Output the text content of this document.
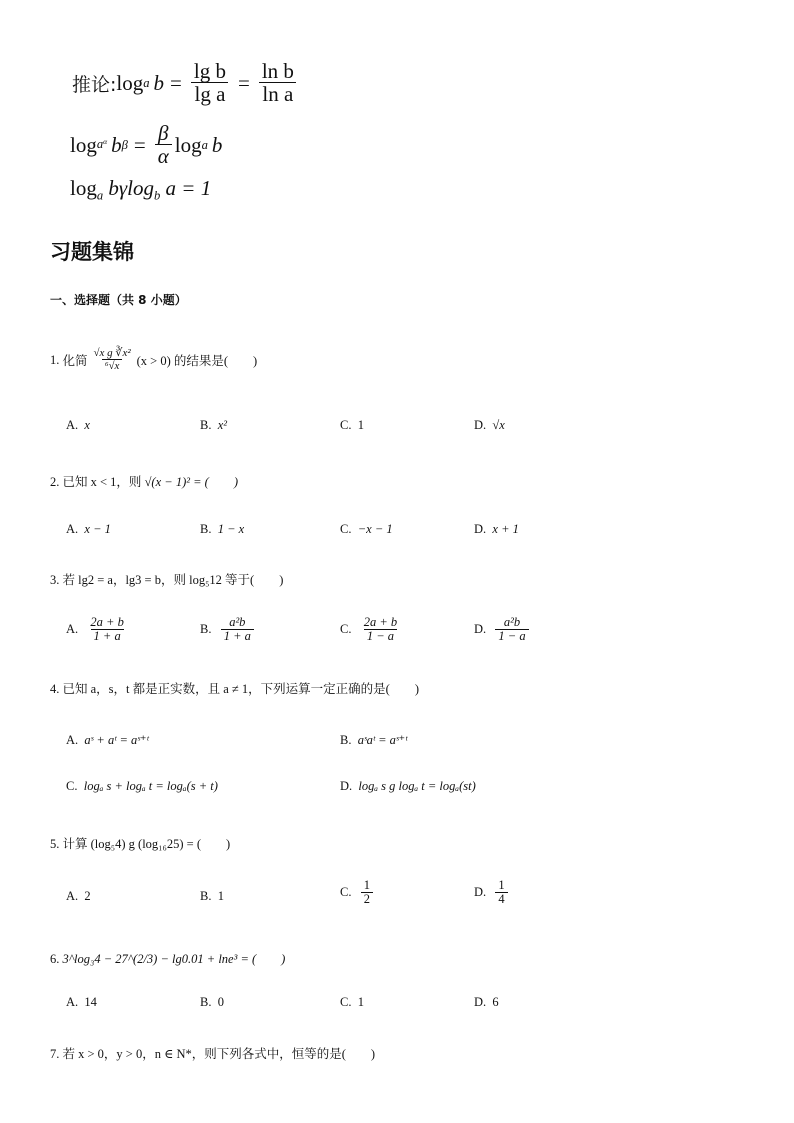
推论: log a $b = \frac{\text{lg b}}{\text{lg a}} = \frac{\text{ln b}}{\text{ln a}}$
$\log a^\alpha$ b $\beta = \frac{\beta}{\alpha}$ log a b
$\log_a b\gamma\log_b$ a = 1
习题集锦
一、选择题（共 8 小题）
1.
化简 $\frac{\text{√x g ∛x²}}{\text{⁶√x}} (x > 0)$ 的结果是(　　)
A. x	B. x²	C. 1	D. √x
2. 已知 x < 1，则 √(x − 1)² = (　　)
A. x − 1	B. 1 − x	C. −x − 1	D. x + 1
3. 若 lg2 = a，lg3 = b，则 log₅12 等于(　　)
A.
$\frac{2a + b}{1 + a}$	B.
$\frac{\text{a²b}}{1 + a}$	C.
$\frac{2a + b}{1 - a}$	D.
$\frac{\text{a²b}}{1 - a}$
4. 已知 a，s，t 都是正实数，且 a ≠ 1，下列运算一定正确的是(　　)
A. aˢ + aᵗ = aˢ⁺ᵗ	B. aˢaᵗ = aˢ⁺ᵗ
C. logₐ s + logₐ t = logₐ(s + t)	D. logₐ s g logₐ t = logₐ(st)
5. 计算 (log₅4) g (log₁₆25) = (　　)
A. 2	B. 1	C.
$\frac{1}{2}$	D.
$\frac{1}{4}$
6. 3^log₃4 − 27^(2/3) − lg0.01 + lne³ = (　　)
A. 14	B. 0	C. 1	D. 6
7. 若 x > 0，y > 0，n ∈ N*，则下列各式中，恒等的是(　　)
